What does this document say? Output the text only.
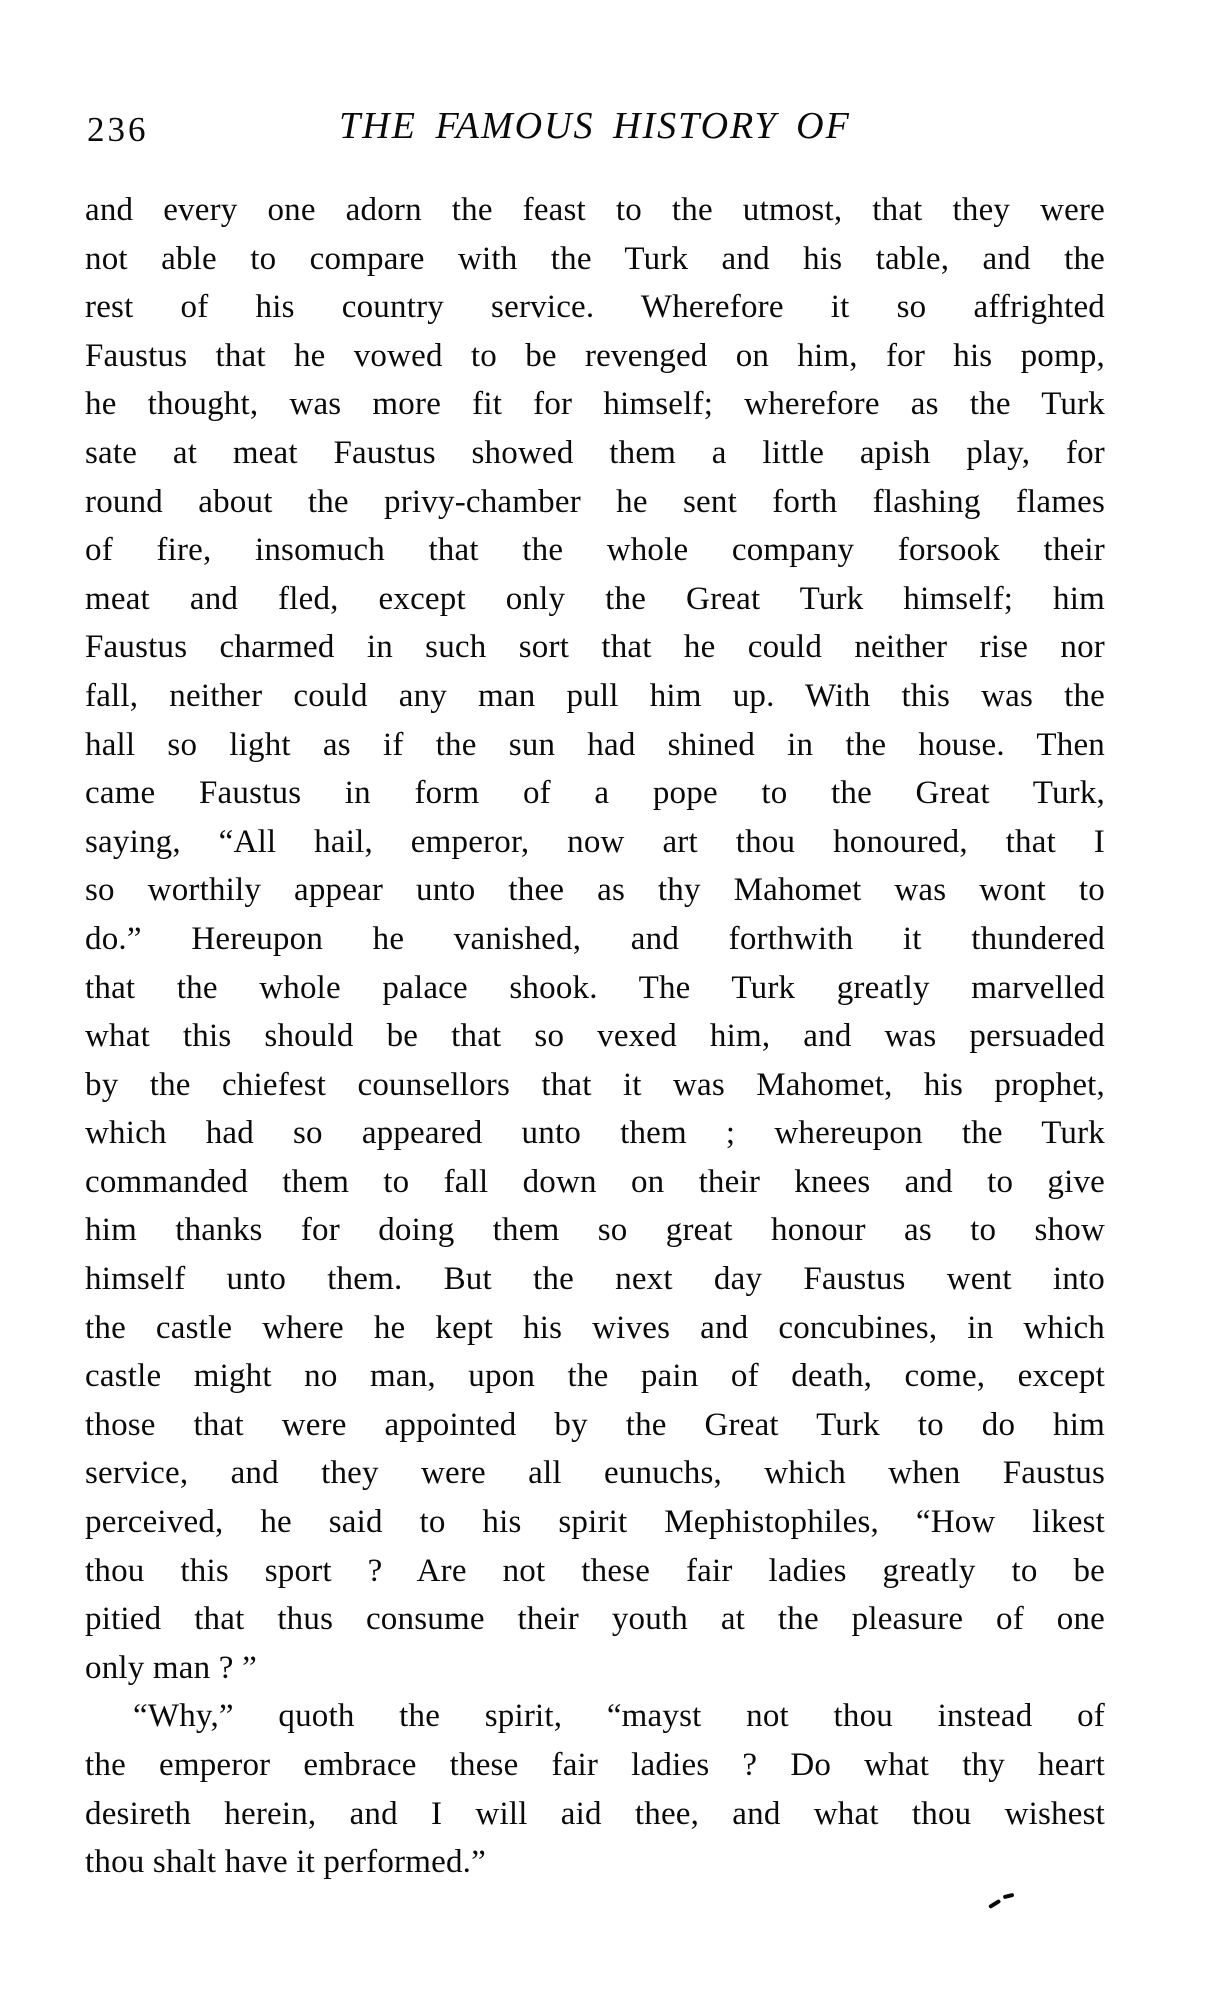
236	THE FAMOUS HISTORY OF
and every one adorn the feast to the utmost, that they were
not able to compare with the Turk and his table, and the
rest of his country service. Wherefore it so affrighted
Faustus that he vowed to be revenged on him, for his pomp,
he thought, was more fit for himself; wherefore as the Turk
sate at meat Faustus showed them a little apish play, for
round about the privy-chamber he sent forth flashing flames
of fire, insomuch that the whole company forsook their
meat and fled, except only the Great Turk himself; him
Faustus charmed in such sort that he could neither rise nor
fall, neither could any man pull him up. With this was the
hall so light as if the sun had shined in the house. Then
came Faustus in form of a pope to the Great Turk,
saying, “All hail, emperor, now art thou honoured, that I
so worthily appear unto thee as thy Mahomet was wont to
do.” Hereupon he vanished, and forthwith it thundered
that the whole palace shook. The Turk greatly marvelled
what this should be that so vexed him, and was persuaded
by the chiefest counsellors that it was Mahomet, his prophet,
which had so appeared unto them ; whereupon the Turk
commanded them to fall down on their knees and to give
him thanks for doing them so great honour as to show
himself unto them. But the next day Faustus went into
the castle where he kept his wives and concubines, in which
castle might no man, upon the pain of death, come, except
those that were appointed by the Great Turk to do him
service, and they were all eunuchs, which when Faustus
perceived, he said to his spirit Mephistophiles, “How likest
thou this sport ? Are not these fair ladies greatly to be
pitied that thus consume their youth at the pleasure of one
only man ? ”
“Why,” quoth the spirit, “mayst not thou instead of
the emperor embrace these fair ladies ? Do what thy heart
desireth herein, and I will aid thee, and what thou wishest
thou shalt have it performed.”
